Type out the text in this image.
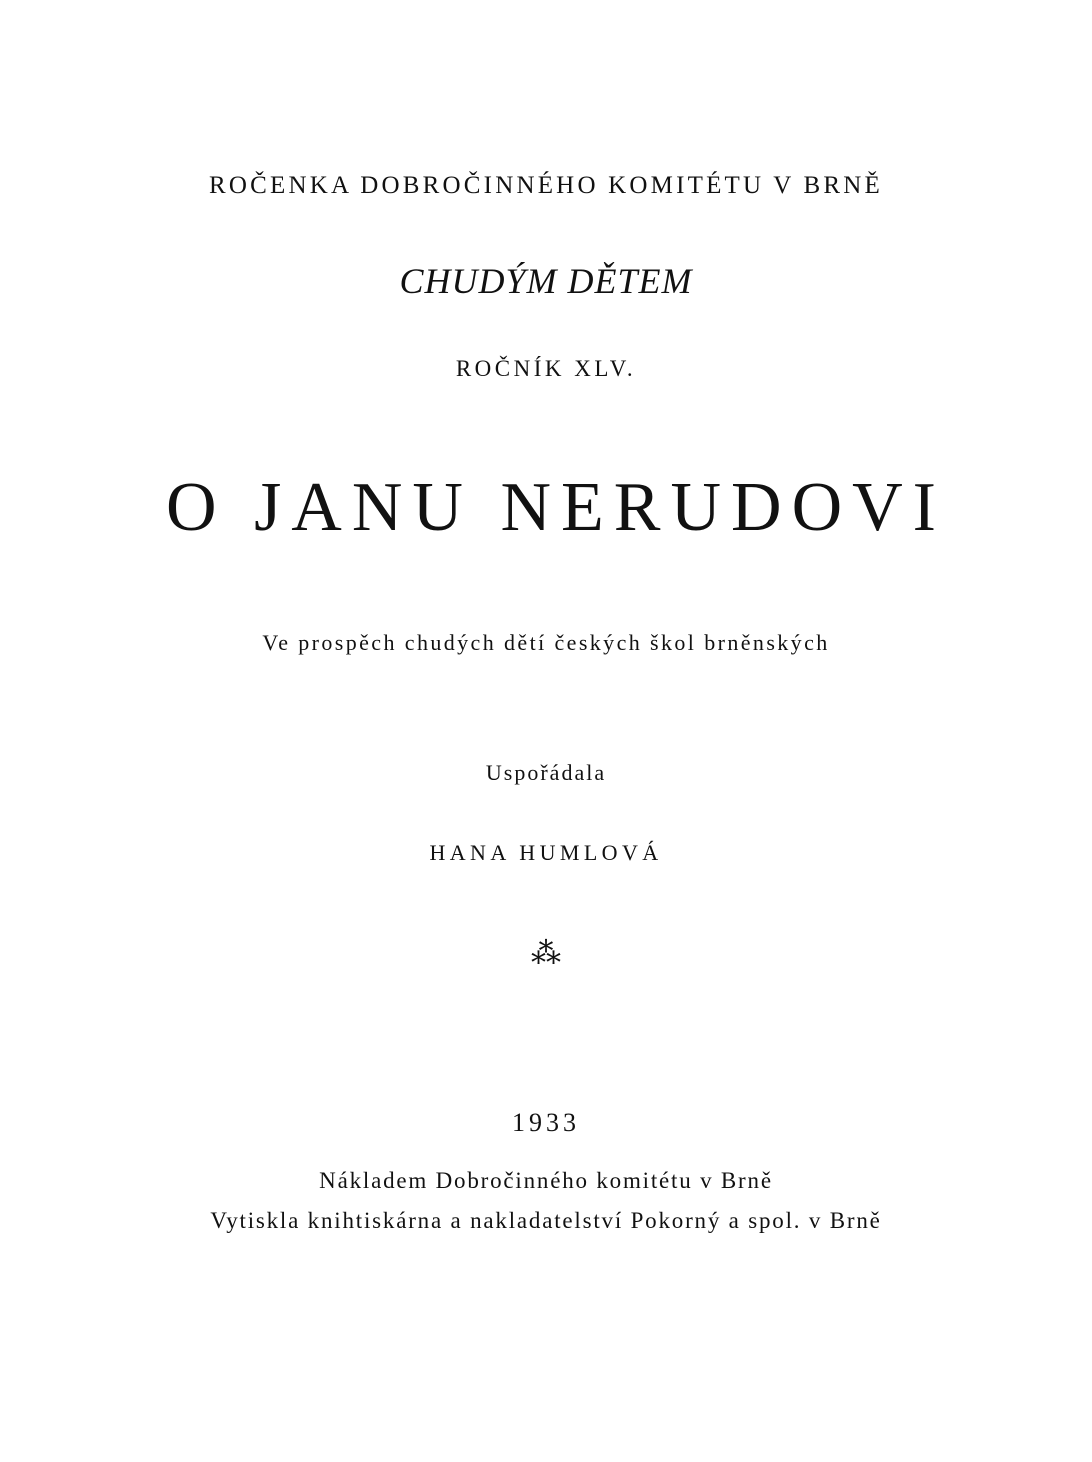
ROČENKA DOBROČINNÉHO KOMITÉTU V BRNĚ
CHUDÝM DĚTEM
ROČNÍK XLV.
O JANU NERUDOVI
Ve prospěch chudých dětí českých škol brněnských
Uspořádala
HANA HUMLOVÁ
⁂
1933
Nákladem Dobročinného komitétu v Brně
Vytiskla knihtiskárna a nakladatelství Pokorný a spol. v Brně
